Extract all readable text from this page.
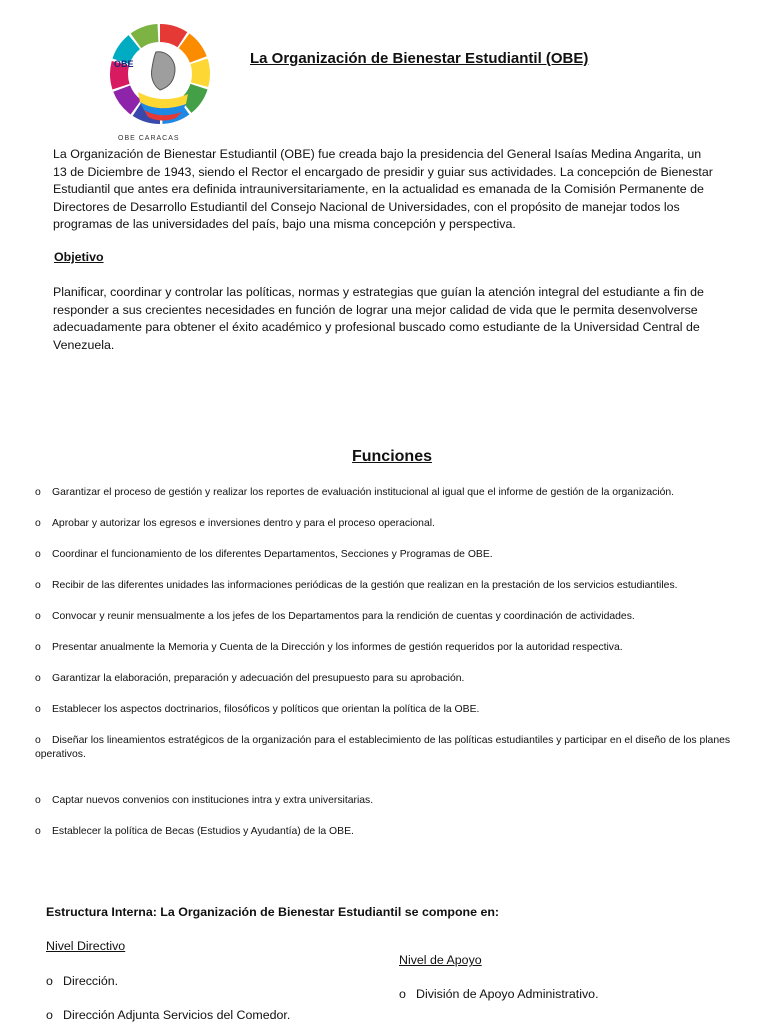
OBE
OBE CARACAS
La Organización de Bienestar Estudiantil (OBE)

La Organización de Bienestar Estudiantil (OBE) fue creada bajo la presidencia del General Isaías Medina Angarita, un 13 de Diciembre de 1943, siendo el Rector el encargado de presidir y guiar sus actividades. La concepción de Bienestar Estudiantil que antes era definida intrauniversitariamente, en la actualidad es emanada de la Comisión Permanente de Directores de Desarrollo Estudiantil del Consejo Nacional de Universidades, con el propósito de manejar todos los programas de las universidades del país, bajo una misma concepción y perspectiva.

Objetivo

Planificar, coordinar y controlar las políticas, normas y estrategias que guían la atención integral del estudiante a fin de responder a sus crecientes necesidades en función de lograr una mejor calidad de vida que le permita desenvolverse adecuadamente para obtener el éxito académico y profesional buscado como estudiante de la Universidad Central de Venezuela.

Funciones
o Garantizar el proceso de gestión y realizar los reportes de evaluación institucional al igual que el informe de gestión de la organización.
o Aprobar y autorizar los egresos e inversiones dentro y para el proceso operacional.
o Coordinar el funcionamiento de los diferentes Departamentos, Secciones y Programas de OBE.
o Recibir de las diferentes unidades las informaciones periódicas de la gestión que realizan en la prestación de los servicios estudiantiles.
o Convocar y reunir mensualmente a los jefes de los Departamentos para la rendición de cuentas y coordinación de actividades.
o Presentar anualmente la Memoria y Cuenta de la Dirección y los informes de gestión requeridos por la autoridad respectiva.
o Garantizar la elaboración, preparación y adecuación del presupuesto para su aprobación.
o Establecer los aspectos doctrinarios, filosóficos y políticos que orientan la política de la OBE.
o Diseñar los lineamientos estratégicos de la organización para el establecimiento de las políticas estudiantiles y participar en el diseño de los planes operativos.
o Captar nuevos convenios con instituciones intra y extra universitarias.
o Establecer la política de Becas (Estudios y Ayudantía) de la OBE.
Estructura Interna: La Organización de Bienestar Estudiantil se compone en:
Nivel Directivo
o Dirección.
o Dirección Adjunta Servicios del Comedor.
Nivel de Apoyo
o División de Apoyo Administrativo.
